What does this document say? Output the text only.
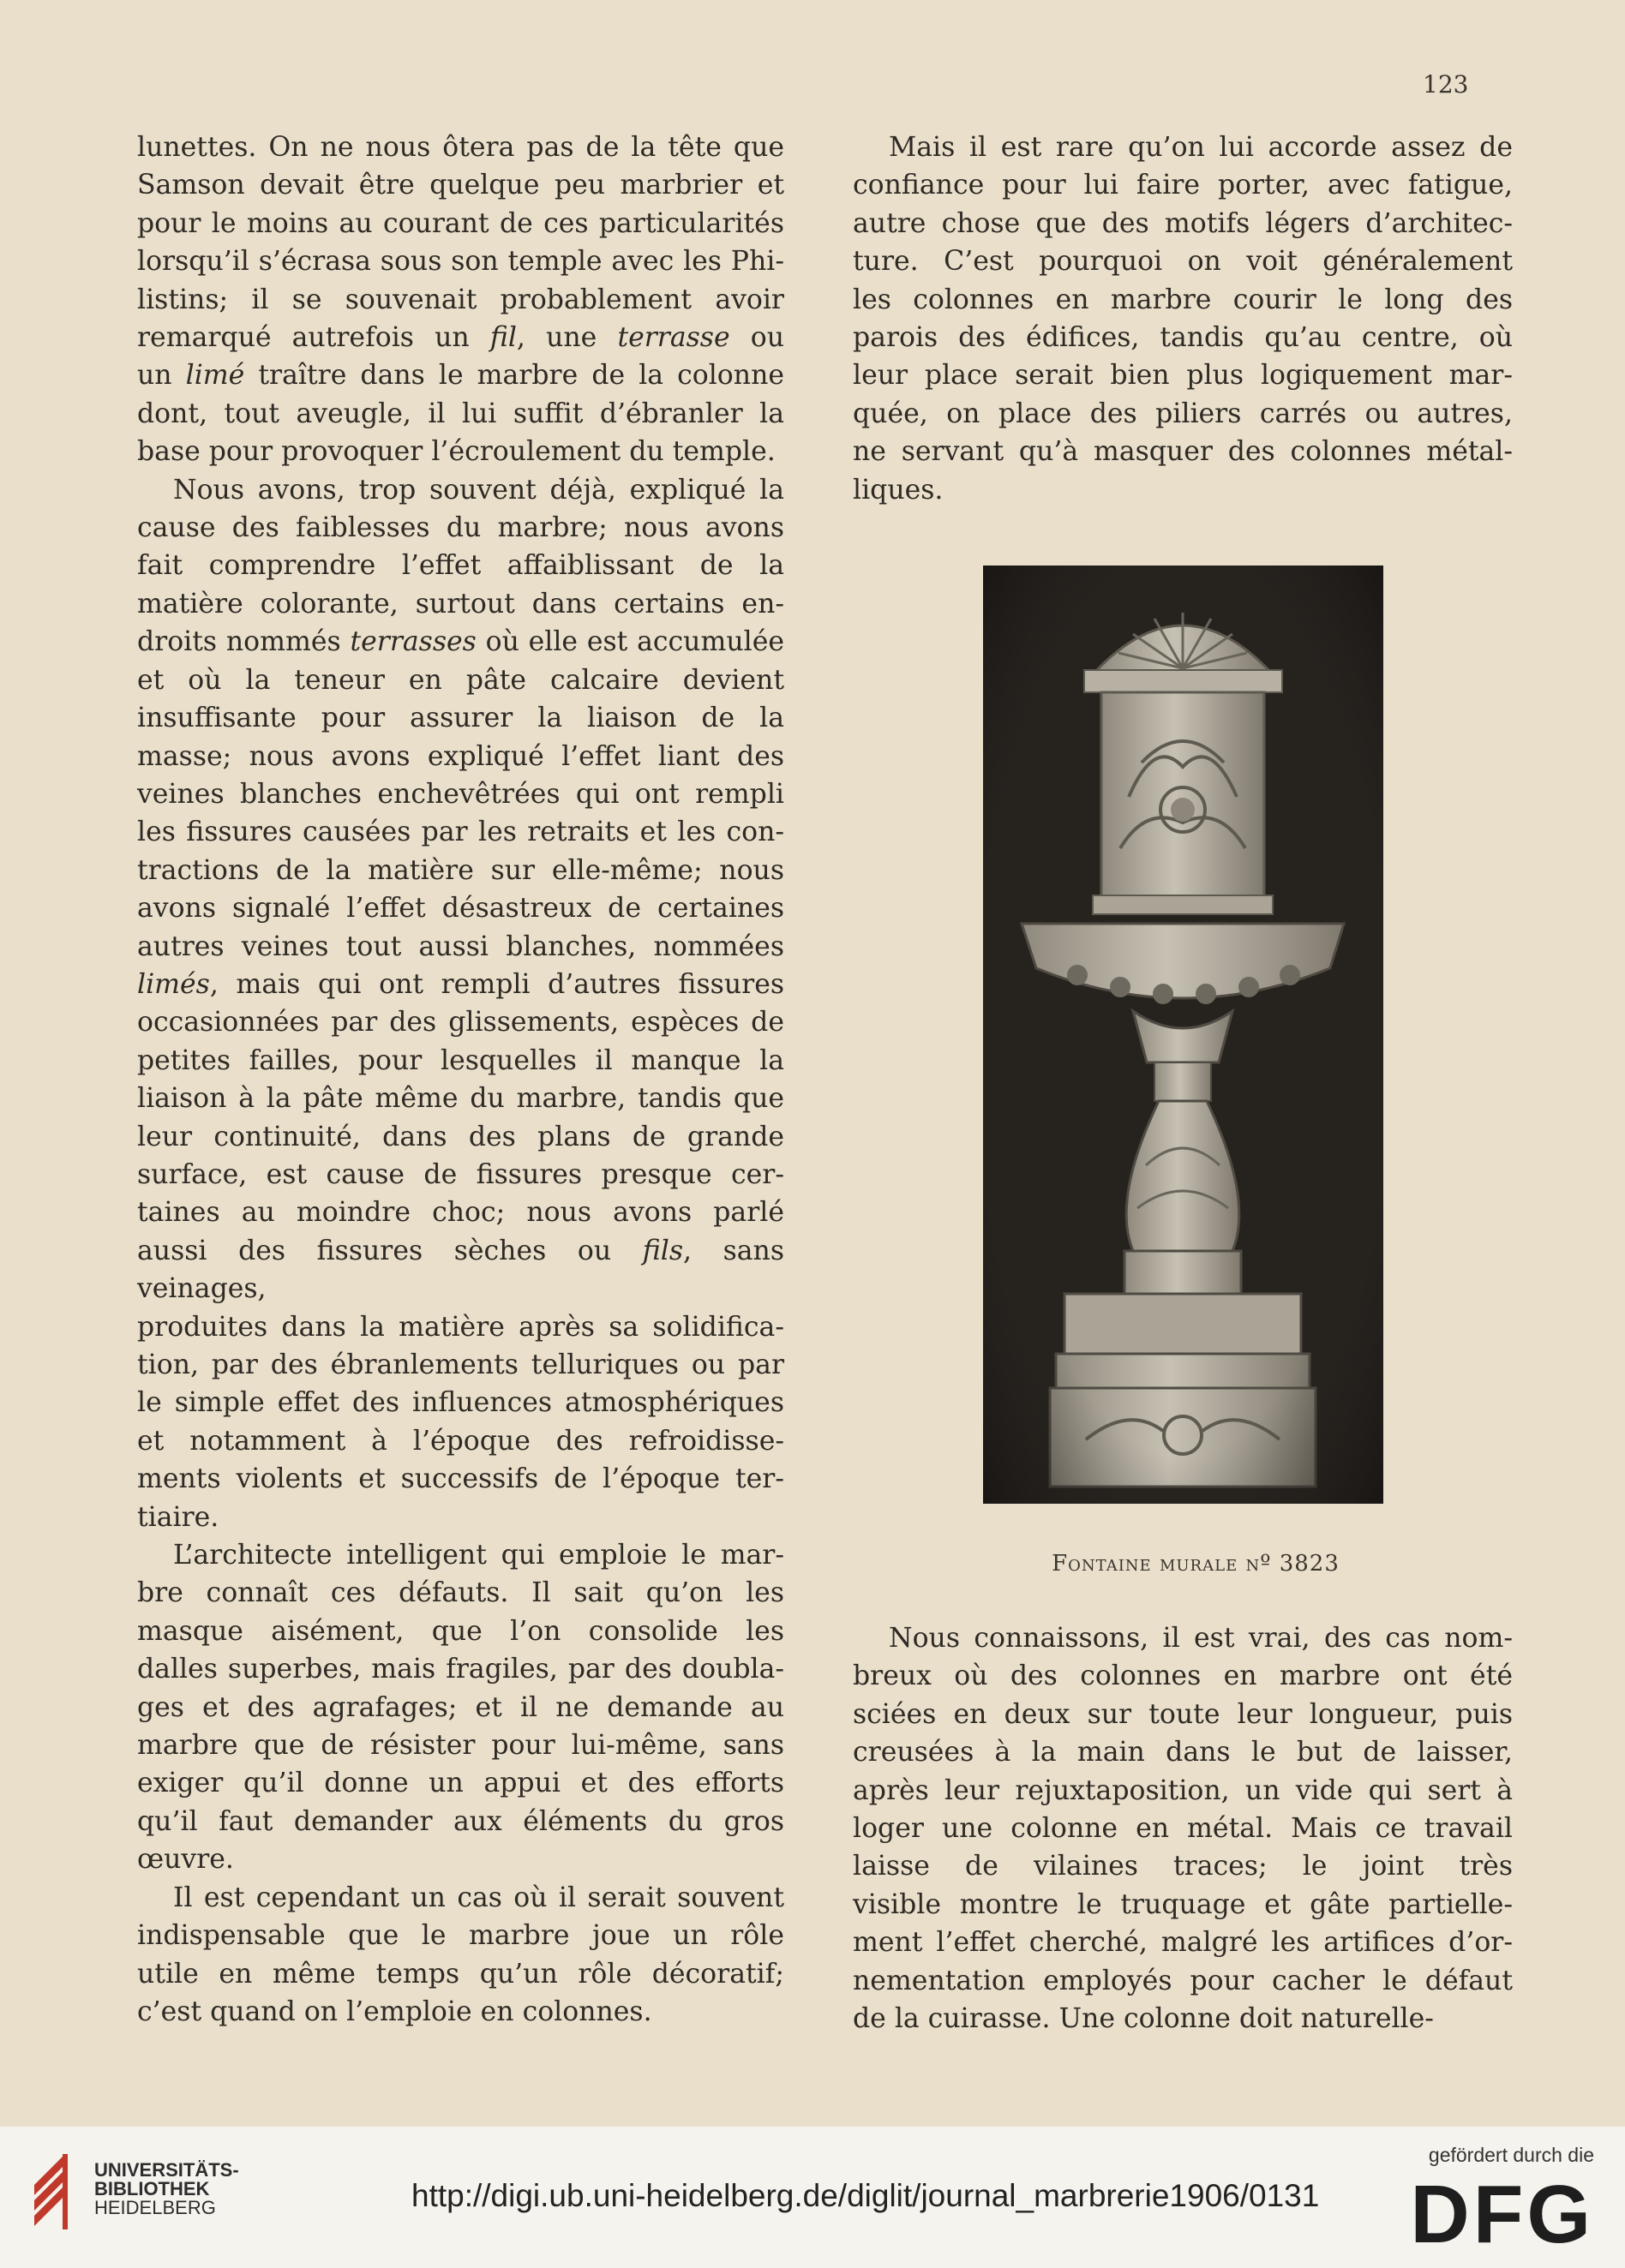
123

lunettes. On ne nous ôtera pas de la tête que

Samson devait être quelque peu marbrier et

pour le moins au courant de ces particularités

lorsqu’il s’écrasa sous son temple avec les Phi-

listins; il se souvenait probablement avoir

remarqué autrefois un fil, une terrasse ou

un limé traître dans le marbre de la colonne

dont, tout aveugle, il lui suffit d’ébranler la

base pour provoquer l’écroulement du temple.

Nous avons, trop souvent déjà, expliqué la

cause des faiblesses du marbre; nous avons

fait comprendre l’effet affaiblissant de la

matière colorante, surtout dans certains en-

droits nommés terrasses où elle est accumulée

et où la teneur en pâte calcaire devient

insuffisante pour assurer la liaison de la

masse; nous avons expliqué l’effet liant des

veines blanches enchevêtrées qui ont rempli

les fissures causées par les retraits et les con-

tractions de la matière sur elle-même; nous

avons signalé l’effet désastreux de certaines

autres veines tout aussi blanches, nommées

limés, mais qui ont rempli d’autres fissures

occasionnées par des glissements, espèces de

petites failles, pour lesquelles il manque la

liaison à la pâte même du marbre, tandis que

leur continuité, dans des plans de grande

surface, est cause de fissures presque cer-

taines au moindre choc; nous avons parlé

aussi des fissures sèches ou fils, sans veinages,

produites dans la matière après sa solidifica-

tion, par des ébranlements telluriques ou par

le simple effet des influences atmosphériques

et notamment à l’époque des refroidisse-

ments violents et successifs de l’époque ter-

tiaire.

L’architecte intelligent qui emploie le mar-

bre connaît ces défauts. Il sait qu’on les

masque aisément, que l’on consolide les

dalles superbes, mais fragiles, par des doubla-

ges et des agrafages; et il ne demande au

marbre que de résister pour lui-même, sans

exiger qu’il donne un appui et des efforts

qu’il faut demander aux éléments du gros

œuvre.

Il est cependant un cas où il serait souvent

indispensable que le marbre joue un rôle

utile en même temps qu’un rôle décoratif;

c’est quand on l’emploie en colonnes.

Mais il est rare qu’on lui accorde assez de

confiance pour lui faire porter, avec fatigue,

autre chose que des motifs légers d’architec-

ture. C’est pourquoi on voit généralement

les colonnes en marbre courir le long des

parois des édifices, tandis qu’au centre, où

leur place serait bien plus logiquement mar-

quée, on place des piliers carrés ou autres,

ne servant qu’à masquer des colonnes métal-

liques.

Fontaine murale nº 3823

Nous connaissons, il est vrai, des cas nom-

breux où des colonnes en marbre ont été

sciées en deux sur toute leur longueur, puis

creusées à la main dans le but de laisser,

après leur rejuxtaposition, un vide qui sert à

loger une colonne en métal. Mais ce travail

laisse de vilaines traces; le joint très

visible montre le truquage et gâte partielle-

ment l’effet cherché, malgré les artifices d’or-

nementation employés pour cacher le défaut

de la cuirasse. Une colonne doit naturelle-

UNIVERSITÄTS-
BIBLIOTHEK
HEIDELBERG	http://digi.ub.uni-heidelberg.de/diglit/journal_marbrerie1906/0131
gefördert durch die
DFG
